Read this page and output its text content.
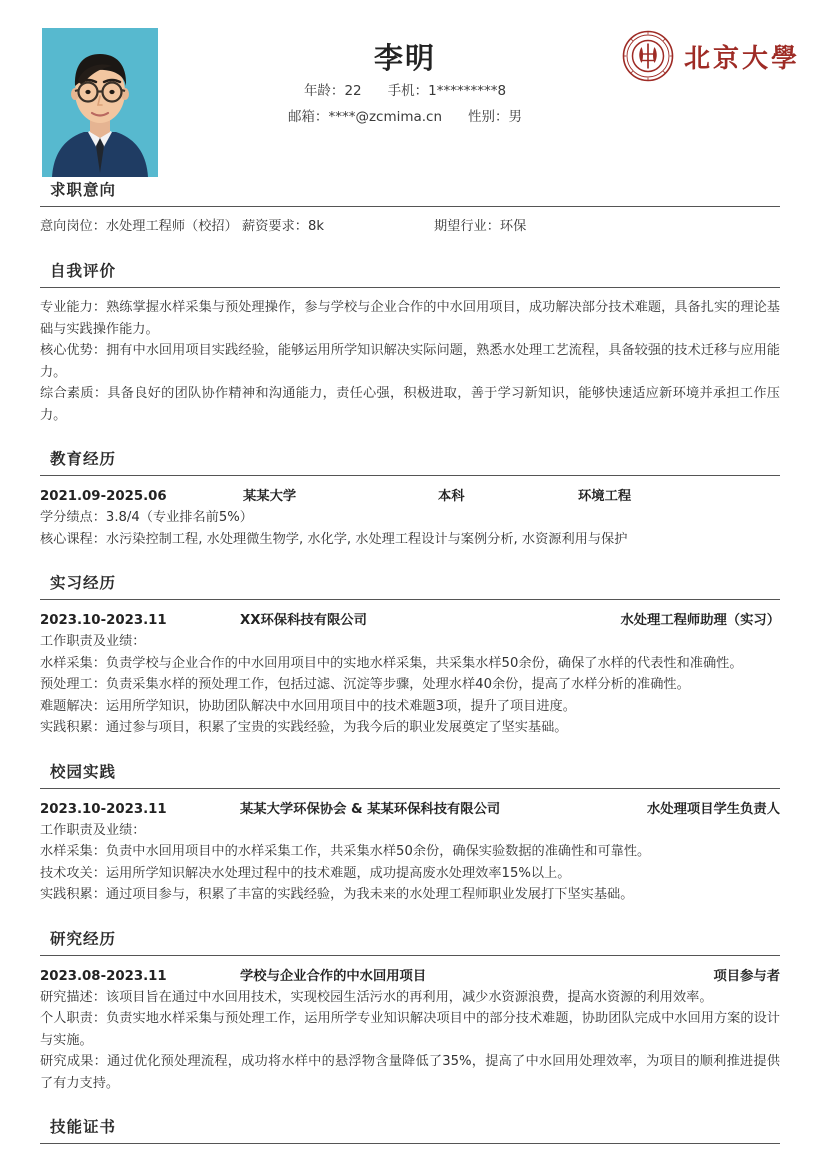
李明
年龄：22 手机：1*********8
邮箱：****@zcmima.cn 性别：男
北京大學
求职意向
意向岗位：水处理工程师（校招） 薪资要求：8k	期望行业：环保
自我评价

专业能力：熟练掌握水样采集与预处理操作，参与学校与企业合作的中水回用项目，成功解决部分技术难题，具备扎实的理论基础与实践操作能力。

核心优势：拥有中水回用项目实践经验，能够运用所学知识解决实际问题，熟悉水处理工艺流程，具备较强的技术迁移与应用能力。

综合素质：具备良好的团队协作精神和沟通能力，责任心强，积极进取，善于学习新知识，能够快速适应新环境并承担工作压力。

教育经历
2021.09-2025.06	某某大学	本科	环境工程

学分绩点：3.8/4（专业排名前5%）

核心课程：水污染控制工程, 水处理微生物学, 水化学, 水处理工程设计与案例分析, 水资源利用与保护

实习经历
2023.10-2023.11	XX环保科技有限公司	水处理工程师助理（实习）

工作职责及业绩：

水样采集：负责学校与企业合作的中水回用项目中的实地水样采集，共采集水样50余份，确保了水样的代表性和准确性。

预处理工：负责采集水样的预处理工作，包括过滤、沉淀等步骤，处理水样40余份，提高了水样分析的准确性。

难题解决：运用所学知识，协助团队解决中水回用项目中的技术难题3项，提升了项目进度。

实践积累：通过参与项目，积累了宝贵的实践经验，为我今后的职业发展奠定了坚实基础。

校园实践
2023.10-2023.11	某某大学环保协会 & 某某环保科技有限公司	水处理项目学生负责人

工作职责及业绩：

水样采集：负责中水回用项目中的水样采集工作，共采集水样50余份，确保实验数据的准确性和可靠性。

技术攻关：运用所学知识解决水处理过程中的技术难题，成功提高废水处理效率15%以上。

实践积累：通过项目参与，积累了丰富的实践经验，为我未来的水处理工程师职业发展打下坚实基础。

研究经历
2023.08-2023.11	学校与企业合作的中水回用项目	项目参与者

研究描述：该项目旨在通过中水回用技术，实现校园生活污水的再利用，减少水资源浪费，提高水资源的利用效率。

个人职责：负责实地水样采集与预处理工作，运用所学专业知识解决项目中的部分技术难题，协助团队完成中水回用方案的设计与实施。

研究成果：通过优化预处理流程，成功将水样中的悬浮物含量降低了35%，提高了中水回用处理效率，为项目的顺利推进提供了有力支持。

技能证书
